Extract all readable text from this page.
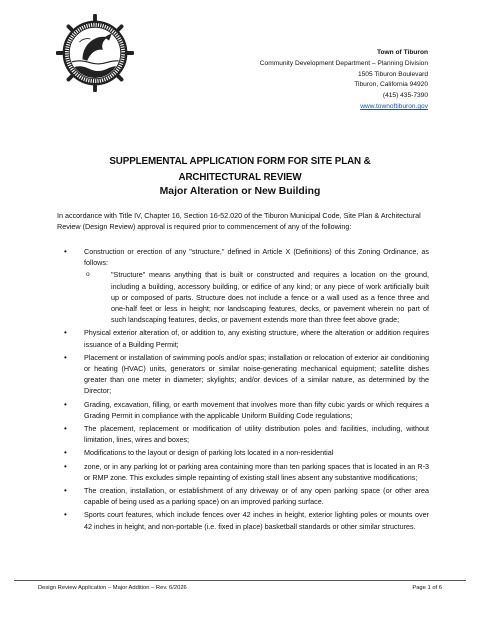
Town of Tiburon
Community Development Department – Planning Division
1505 Tiburon Boulevard
Tiburon, California 94920
(415) 435-7390
www.townoftiburon.gov
SUPPLEMENTAL APPLICATION FORM FOR SITE PLAN &
ARCHITECTURAL REVIEW
Major Alteration or New Building
In accordance with Title IV, Chapter 16, Section 16-52.020 of the Tiburon Municipal Code, Site Plan & Architectural Review (Design Review) approval is required prior to commencement of any of the following:
• Construction or erection of any "structure," defined in Article X (Definitions) of this Zoning Ordinance, as follows:
o	"Structure" means anything that is built or constructed and requires a location on the ground, including a building, accessory building, or edifice of any kind; or any piece of work artificially built up or composed of parts. Structure does not include a fence or a wall used as a fence three and one-half feet or less in height; nor landscaping features, decks, or pavement wherein no part of such landscaping features, decks, or pavement extends more than three feet above grade;
• Physical exterior alteration of, or addition to, any existing structure, where the alteration or addition requires issuance of a Building Permit;
• Placement or installation of swimming pools and/or spas; installation or relocation of exterior air conditioning or heating (HVAC) units, generators or similar noise-generating mechanical equipment; satellite dishes greater than one meter in diameter; skylights; and/or devices of a similar nature, as determined by the Director;
• Grading, excavation, filling, or earth movement that involves more than fifty cubic yards or which requires a Grading Permit in compliance with the applicable Uniform Building Code regulations;
• The placement, replacement or modification of utility distribution poles and facilities, including, without limitation, lines, wires and boxes;
• Modifications to the layout or design of parking lots located in a non-residential
• zone, or in any parking lot or parking area containing more than ten parking spaces that is located in an R-3 or RMP zone. This excludes simple repainting of existing stall lines absent any substantive modifications;
• The creation, installation, or establishment of any driveway or of any open parking space (or other area capable of being used as a parking space) on an improved parking surface.
• Sports court features, which include fences over 42 inches in height, exterior lighting poles or mounts over 42 inches in height, and non-portable (i.e. fixed in place) basketball standards or other similar structures.
Design Review Application – Major Addition – Rev. 6/2026	Page 1 of 6
